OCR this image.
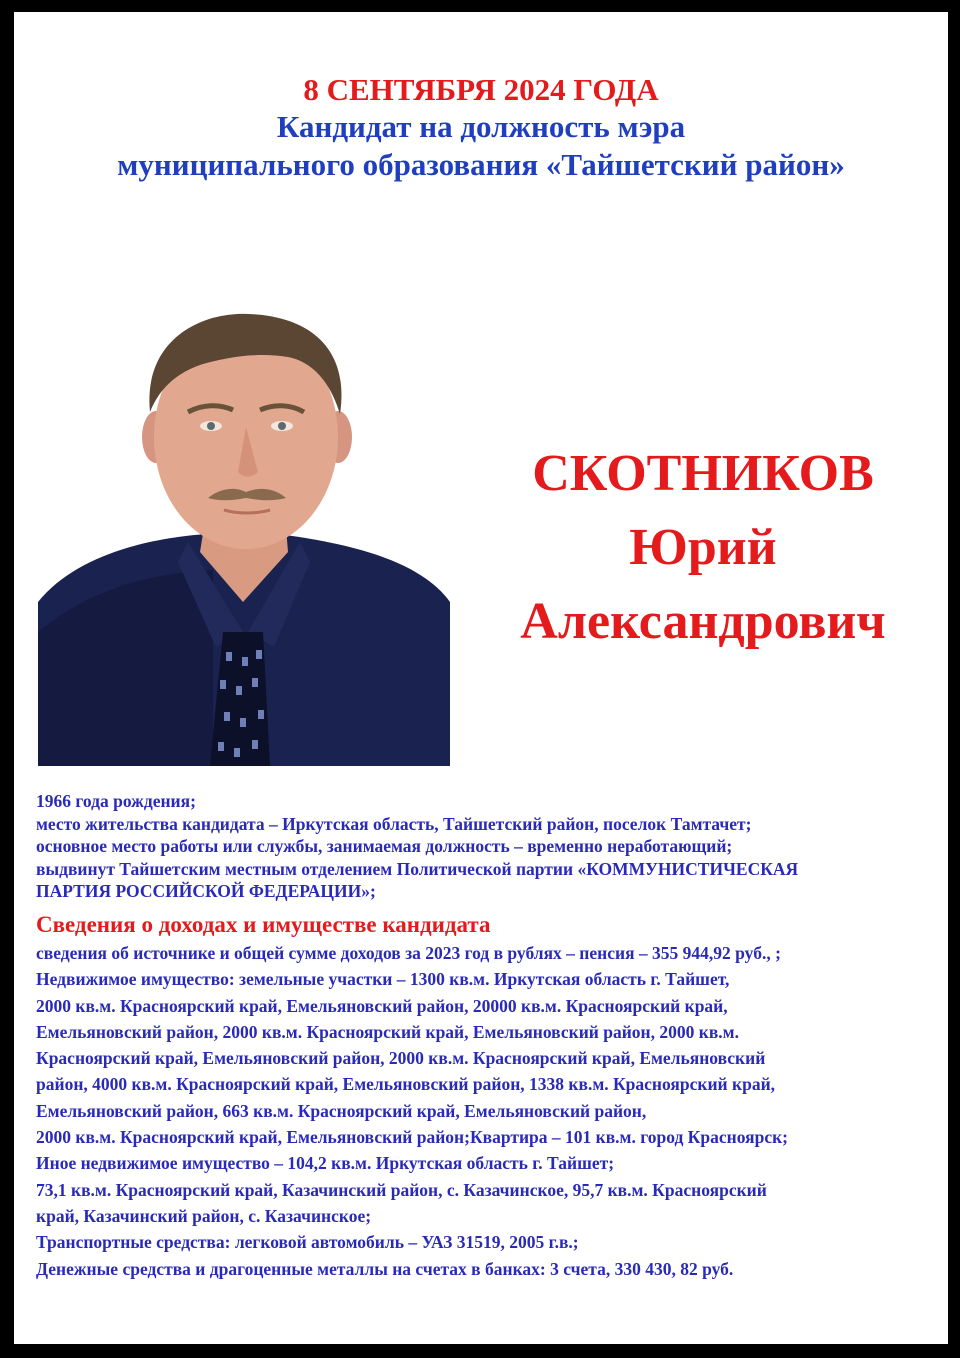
8 СЕНТЯБРЯ 2024 ГОДА
Кандидат на должность мэра
муниципального образования «Тайшетский район»
СКОТНИКОВ
Юрий
Александрович
1966 года рождения;
место жительства кандидата – Иркутская область, Тайшетский район, поселок Тамтачет;
основное место работы или службы, занимаемая должность – временно неработающий;
выдвинут Тайшетским местным отделением Политической партии «КОММУНИСТИЧЕСКАЯ
ПАРТИЯ РОССИЙСКОЙ ФЕДЕРАЦИИ»;
Сведения о доходах и имуществе кандидата
сведения об источнике и общей сумме доходов за 2023 год в рублях – пенсия – 355 944,92 руб., ;
Недвижимое имущество: земельные участки – 1300 кв.м. Иркутская область г. Тайшет,
2000 кв.м. Красноярский край, Емельяновский район, 20000 кв.м. Красноярский край,
Емельяновский район, 2000 кв.м. Красноярский край, Емельяновский район, 2000 кв.м.
Красноярский край, Емельяновский район, 2000 кв.м. Красноярский край, Емельяновский
район, 4000 кв.м. Красноярский край, Емельяновский район, 1338 кв.м. Красноярский край,
Емельяновский район, 663 кв.м. Красноярский край, Емельяновский район,
2000 кв.м. Красноярский край, Емельяновский район;Квартира – 101 кв.м. город Красноярск;
Иное недвижимое имущество – 104,2 кв.м. Иркутская область г. Тайшет;
73,1 кв.м. Красноярский край, Казачинский район, с. Казачинское, 95,7 кв.м. Красноярский
край, Казачинский район, с. Казачинское;
Транспортные средства: легковой автомобиль – УАЗ 31519, 2005 г.в.;
Денежные средства и драгоценные металлы на счетах в банках: 3 счета, 330 430, 82 руб.
